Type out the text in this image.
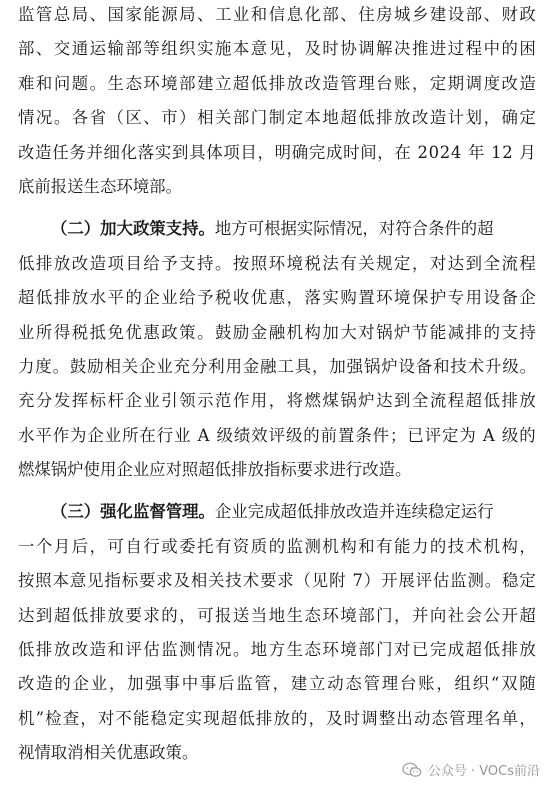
监 管 总 局 、 国 家 能 源 局 、 工 业 和 信 息 化 部 、 住 房 城 乡 建 设 部 、 财 政
部 、 交 通 运 输 部 等 组 织 实 施 本 意 见 ， 及 时 协 调 解 决 推 进 过 程 中 的 困
难 和 问 题 。 生 态 环 境 部 建 立 超 低 排 放 改 造 管 理 台 账 ， 定 期 调 度 改 造
情 况 。 各 省 （ 区 、 市 ） 相 关 部 门 制 定 本 地 超 低 排 放 改 造 计 划 ， 确 定
改 造 任 务 并 细 化 落 实 到 具 体 项 目 ， 明 确 完 成 时 间 ， 在
2 0 2 4
年
1 2
月
底前报送生态环境部。
（二）加大政策支持。 地方可根据实际情况，对符合条件的超
低 排 放 改 造 项 目 给 予 支 持 。 按 照 环 境 税 法 有 关 规 定 ， 对 达 到 全 流 程
超 低 排 放 水 平 的 企 业 给 予 税 收 优 惠 ， 落 实 购 置 环 境 保 护 专 用 设 备 企
业 所 得 税 抵 免 优 惠 政 策 。 鼓 励 金 融 机 构 加 大 对 锅 炉 节 能 减 排 的 支 持
力 度 。 鼓 励 相 关 企 业 充 分 利 用 金 融 工 具 ， 加 强 锅 炉 设 备 和 技 术 升 级 。
充 分 发 挥 标 杆 企 业 引 领 示 范 作 用 ， 将 燃 煤 锅 炉 达 到 全 流 程 超 低 排 放
水 平 作 为 企 业 所 在 行 业
A
级 绩 效 评 级 的 前 置 条 件 ； 已 评 定 为
A
级 的
燃煤锅炉使用企业应对照超低排放指标要求进行改造。
（三）强化监督管理。 企业完成超低排放改造并连续稳定运行
一 个 月 后 ， 可 自 行 或 委 托 有 资 质 的 监 测 机 构 和 有 能 力 的 技 术 机 构 ，
按 照 本 意 见 指 标 要 求 及 相 关 技 术 要 求 （ 见 附
7 ） 开 展 评 估 监 测 。 稳 定
达 到 超 低 排 放 要 求 的 ， 可 报 送 当 地 生 态 环 境 部 门 ， 并 向 社 会 公 开 超
低 排 放 改 造 和 评 估 监 测 情 况 。 地 方 生 态 环 境 部 门 对 已 完 成 超 低 排 放
改 造 的 企 业 ， 加 强 事 中 事 后 监 管 ， 建 立 动 态 管 理 台 账 ， 组 织 “ 双 随
机 ” 检 查 ， 对 不 能 稳 定 实 现 超 低 排 放 的 ， 及 时 调 整 出 动 态 管 理 名 单 ，
视情取消相关优惠政策。
公众号 · VOCs前沿
